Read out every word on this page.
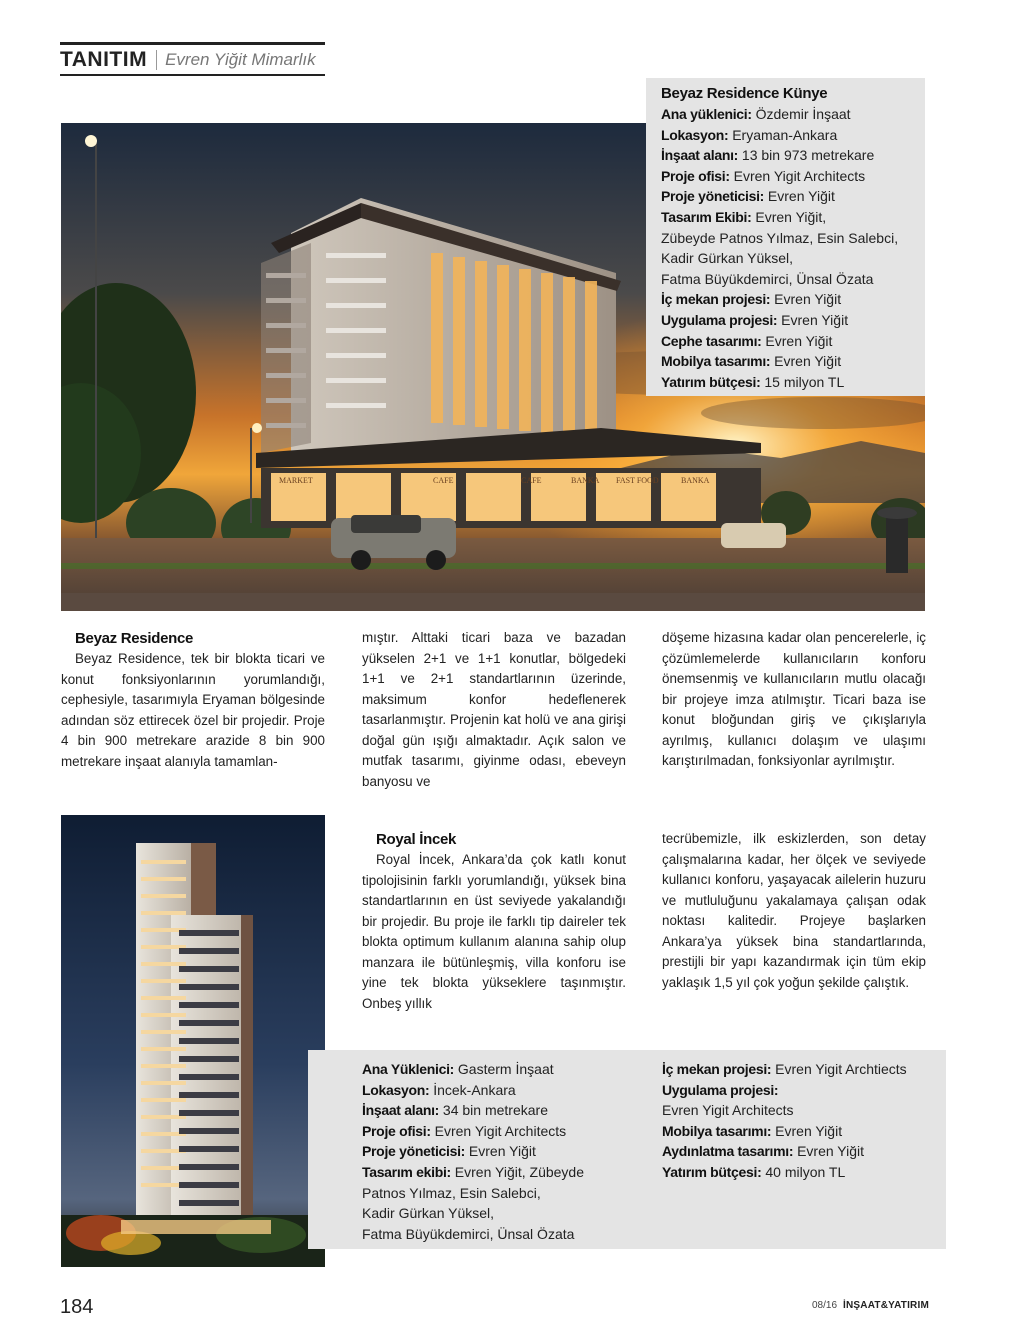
TANITIM Evren Yiğit Mimarlık
MARKET	CAFE	CAFE	BANKA FAST FOOD	BANKA
Beyaz Residence Künye
Ana yüklenici: Özdemir İnşaat
Lokasyon: Eryaman-Ankara
İnşaat alanı: 13 bin 973 metrekare
Proje ofisi: Evren Yigit Architects
Proje yöneticisi: Evren Yiğit
Tasarım Ekibi: Evren Yiğit,
Zübeyde Patnos Yılmaz, Esin Salebci,
Kadir Gürkan Yüksel,
Fatma Büyükdemirci, Ünsal Özata
İç mekan projesi: Evren Yiğit
Uygulama projesi: Evren Yiğit
Cephe tasarımı: Evren Yiğit
Mobilya tasarımı: Evren Yiğit
Yatırım bütçesi: 15 milyon TL
Beyaz Residence

Beyaz Residence, tek bir blokta ticari ve konut fonksiyonlarının yorumlandığı, cephesiyle, tasarımıyla Eryaman bölgesinde adından söz ettirecek özel bir projedir. Proje 4 bin 900 metrekare arazide 8 bin 900 metrekare inşaat alanıyla tamamlan-

mıştır. Alttaki ticari baza ve bazadan yükselen 2+1 ve 1+1 konutlar, bölgedeki 1+1 ve 2+1 standartlarının üzerinde, maksimum konfor hedeflenerek tasarlanmıştır. Projenin kat holü ve ana girişi doğal gün ışığı almaktadır. Açık salon ve mutfak tasarımı, giyinme odası, ebeveyn banyosu ve

döşeme hizasına kadar olan pencerelerle, iç çözümlemelerde kullanıcıların konforu önemsenmiş ve kullanıcıların mutlu olacağı bir projeye imza atılmıştır. Ticari baza ise konut bloğundan giriş ve çıkışlarıyla ayrılmış, kullanıcı dolaşım ve ulaşımı karıştırılmadan, fonksiyonlar ayrılmıştır.

Royal İncek

Royal İncek, Ankara’da çok katlı konut tipolojisinin farklı yorumlandığı, yüksek bina standartlarının en üst seviyede yakalandığı bir projedir. Bu proje ile farklı tip daireler tek blokta optimum kullanım alanına sahip olup manzara ile bütünleşmiş, villa konforu ise yine tek blokta yükseklere taşınmıştır. Onbeş yıllık

tecrübemizle, ilk eskizlerden, son detay çalışmalarına kadar, her ölçek ve seviyede kullanıcı konforu, yaşayacak ailelerin huzuru ve mutluluğunu yakalamaya çalışan odak noktası kalitedir. Projeye başlarken Ankara’ya yüksek bina standartlarında, prestijli bir yapı kazandırmak için tüm ekip yaklaşık 1,5 yıl çok yoğun şekilde çalıştık.

Ana Yüklenici: Gasterm İnşaat
Lokasyon: İncek-Ankara
İnşaat alanı: 34 bin metrekare
Proje ofisi: Evren Yigit Architects
Proje yöneticisi: Evren Yiğit
Tasarım ekibi: Evren Yiğit, Zübeyde
Patnos Yılmaz, Esin Salebci,
Kadir Gürkan Yüksel,
Fatma Büyükdemirci, Ünsal Özata
İç mekan projesi: Evren Yigit Archtiects
Uygulama projesi:
Evren Yigit Architects
Mobilya tasarımı: Evren Yiğit
Aydınlatma tasarımı: Evren Yiğit
Yatırım bütçesi: 40 milyon TL
184	08/16 İNŞAAT&YATIRIM
